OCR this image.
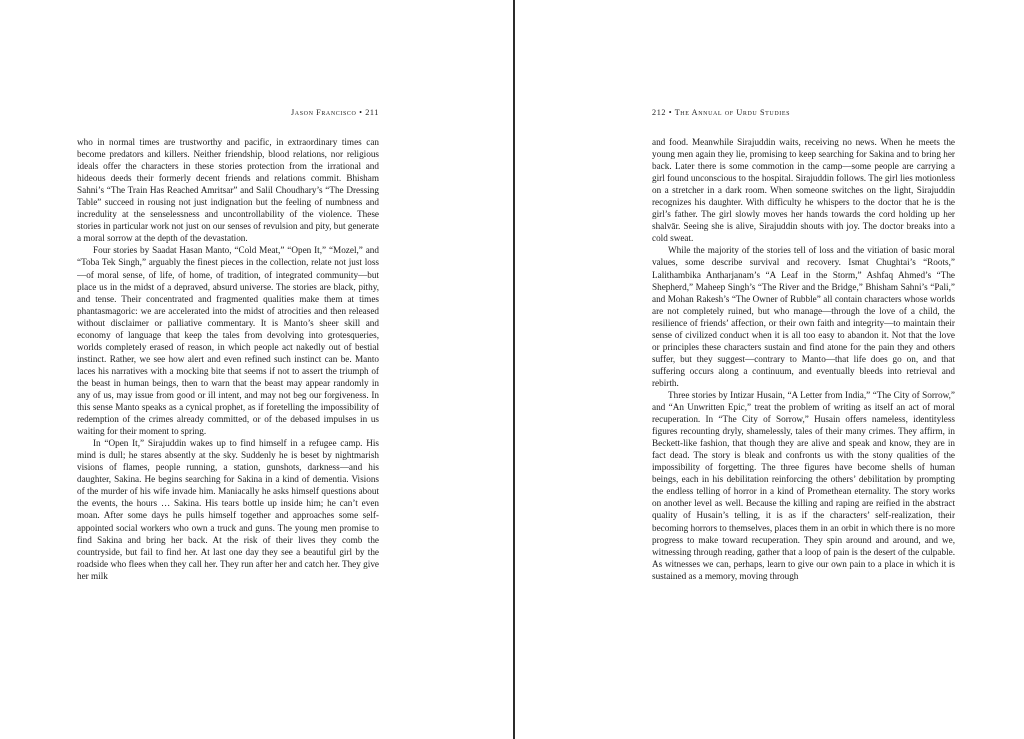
Jason Francisco • 211

who in normal times are trustworthy and pacific, in extraordinary times can become predators and killers. Neither friendship, blood relations, nor religious ideals offer the characters in these stories protection from the irrational and hideous deeds their formerly decent friends and relations commit. Bhisham Sahni’s “The Train Has Reached Amritsar” and Salil Choudhary’s “The Dressing Table” succeed in rousing not just indignation but the feeling of numbness and incredulity at the senselessness and uncontrollability of the violence. These stories in particular work not just on our senses of revulsion and pity, but generate a moral sorrow at the depth of the devastation.

Four stories by Saadat Hasan Manto, “Cold Meat,” “Open It,” “Mozel,” and “Toba Tek Singh,” arguably the finest pieces in the collection, relate not just loss—of moral sense, of life, of home, of tradition, of integrated community—but place us in the midst of a depraved, absurd universe. The stories are black, pithy, and tense. Their concentrated and fragmented qualities make them at times phantasmagoric: we are accelerated into the midst of atrocities and then released without disclaimer or palliative commentary. It is Manto’s sheer skill and economy of language that keep the tales from devolving into grotesqueries, worlds completely erased of reason, in which people act nakedly out of bestial instinct. Rather, we see how alert and even refined such instinct can be. Manto laces his narratives with a mocking bite that seems if not to assert the triumph of the beast in human beings, then to warn that the beast may appear randomly in any of us, may issue from good or ill intent, and may not beg our forgiveness. In this sense Manto speaks as a cynical prophet, as if foretelling the impossibility of redemption of the crimes already committed, or of the debased impulses in us waiting for their moment to spring.

In “Open It,” Sirajuddin wakes up to find himself in a refugee camp. His mind is dull; he stares absently at the sky. Suddenly he is beset by nightmarish visions of flames, people running, a station, gunshots, darkness—and his daughter, Sakina. He begins searching for Sakina in a kind of dementia. Visions of the murder of his wife invade him. Maniacally he asks himself questions about the events, the hours … Sakina. His tears bottle up inside him; he can’t even moan. After some days he pulls himself together and approaches some self-appointed social workers who own a truck and guns. The young men promise to find Sakina and bring her back. At the risk of their lives they comb the countryside, but fail to find her. At last one day they see a beautiful girl by the roadside who flees when they call her. They run after her and catch her. They give her milk

212 • The Annual of Urdu Studies

and food. Meanwhile Sirajuddin waits, receiving no news. When he meets the young men again they lie, promising to keep searching for Sakina and to bring her back. Later there is some commotion in the camp—some people are carrying a girl found unconscious to the hospital. Sirajuddin follows. The girl lies motionless on a stretcher in a dark room. When someone switches on the light, Sirajuddin recognizes his daughter. With difficulty he whispers to the doctor that he is the girl’s father. The girl slowly moves her hands towards the cord holding up her shalvār. Seeing she is alive, Sirajuddin shouts with joy. The doctor breaks into a cold sweat.

While the majority of the stories tell of loss and the vitiation of basic moral values, some describe survival and recovery. Ismat Chughtai’s “Roots,” Lalithambika Antharjanam’s “A Leaf in the Storm,” Ashfaq Ahmed’s “The Shepherd,” Maheep Singh’s “The River and the Bridge,” Bhisham Sahni’s “Pali,” and Mohan Rakesh’s “The Owner of Rubble” all contain characters whose worlds are not completely ruined, but who manage—through the love of a child, the resilience of friends’ affection, or their own faith and integrity—to maintain their sense of civilized conduct when it is all too easy to abandon it. Not that the love or principles these characters sustain and find atone for the pain they and others suffer, but they suggest—contrary to Manto—that life does go on, and that suffering occurs along a continuum, and eventually bleeds into retrieval and rebirth.

Three stories by Intizar Husain, “A Letter from India,” “The City of Sorrow,” and “An Unwritten Epic,” treat the problem of writing as itself an act of moral recuperation. In “The City of Sorrow,” Husain offers nameless, identityless figures recounting dryly, shamelessly, tales of their many crimes. They affirm, in Beckett-like fashion, that though they are alive and speak and know, they are in fact dead. The story is bleak and confronts us with the stony qualities of the impossibility of forgetting. The three figures have become shells of human beings, each in his debilitation reinforcing the others’ debilitation by prompting the endless telling of horror in a kind of Promethean eternality. The story works on another level as well. Because the killing and raping are reified in the abstract quality of Husain’s telling, it is as if the characters’ self-realization, their becoming horrors to themselves, places them in an orbit in which there is no more progress to make toward recuperation. They spin around and around, and we, witnessing through reading, gather that a loop of pain is the desert of the culpable. As witnesses we can, perhaps, learn to give our own pain to a place in which it is sustained as a memory, moving through
